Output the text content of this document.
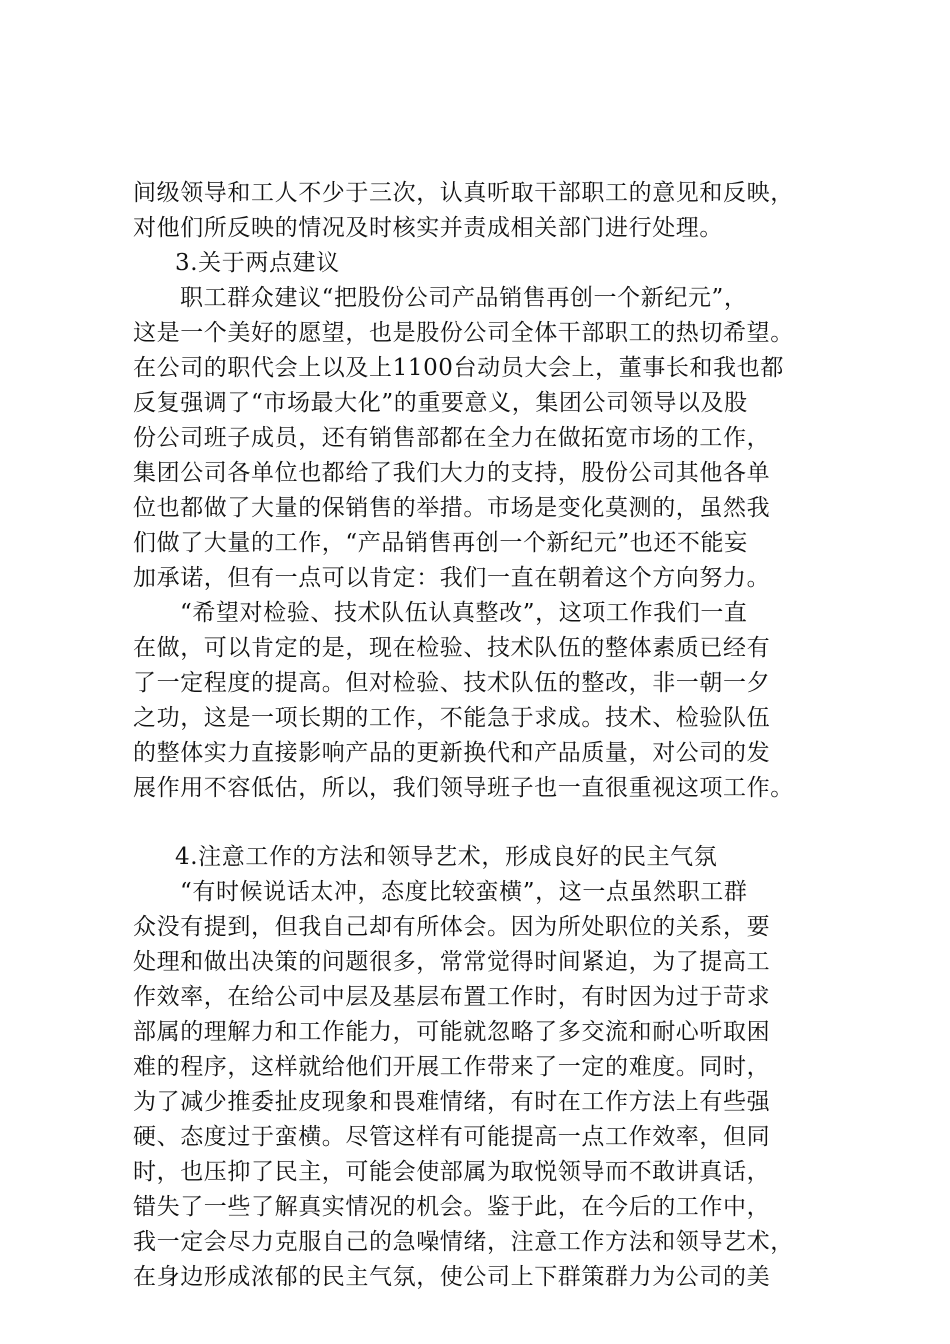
间级领导和工人不少于三次，认真听取干部职工的意见和反映，
对他们所反映的情况及时核实并责成相关部门进行处理。
3.关于两点建议
职工群众建议“把股份公司产品销售再创一个新纪元”，
这是一个美好的愿望，也是股份公司全体干部职工的热切希望。
在公司的职代会上以及上1100台动员大会上，董事长和我也都
反复强调了“市场最大化”的重要意义，集团公司领导以及股
份公司班子成员，还有销售部都在全力在做拓宽市场的工作，
集团公司各单位也都给了我们大力的支持，股份公司其他各单
位也都做了大量的保销售的举措。市场是变化莫测的，虽然我
们做了大量的工作，“产品销售再创一个新纪元”也还不能妄
加承诺，但有一点可以肯定：我们一直在朝着这个方向努力。
“希望对检验、技术队伍认真整改”，这项工作我们一直
在做，可以肯定的是，现在检验、技术队伍的整体素质已经有
了一定程度的提高。但对检验、技术队伍的整改，非一朝一夕
之功，这是一项长期的工作，不能急于求成。技术、检验队伍
的整体实力直接影响产品的更新换代和产品质量，对公司的发
展作用不容低估，所以，我们领导班子也一直很重视这项工作。
4.注意工作的方法和领导艺术，形成良好的民主气氛
“有时候说话太冲，态度比较蛮横”，这一点虽然职工群
众没有提到，但我自己却有所体会。因为所处职位的关系，要
处理和做出决策的问题很多，常常觉得时间紧迫，为了提高工
作效率，在给公司中层及基层布置工作时，有时因为过于苛求
部属的理解力和工作能力，可能就忽略了多交流和耐心听取困
难的程序，这样就给他们开展工作带来了一定的难度。同时，
为了减少推委扯皮现象和畏难情绪，有时在工作方法上有些强
硬、态度过于蛮横。尽管这样有可能提高一点工作效率，但同
时，也压抑了民主，可能会使部属为取悦领导而不敢讲真话，
错失了一些了解真实情况的机会。鉴于此，在今后的工作中，
我一定会尽力克服自己的急噪情绪，注意工作方法和领导艺术，
在身边形成浓郁的民主气氛，使公司上下群策群力为公司的美
